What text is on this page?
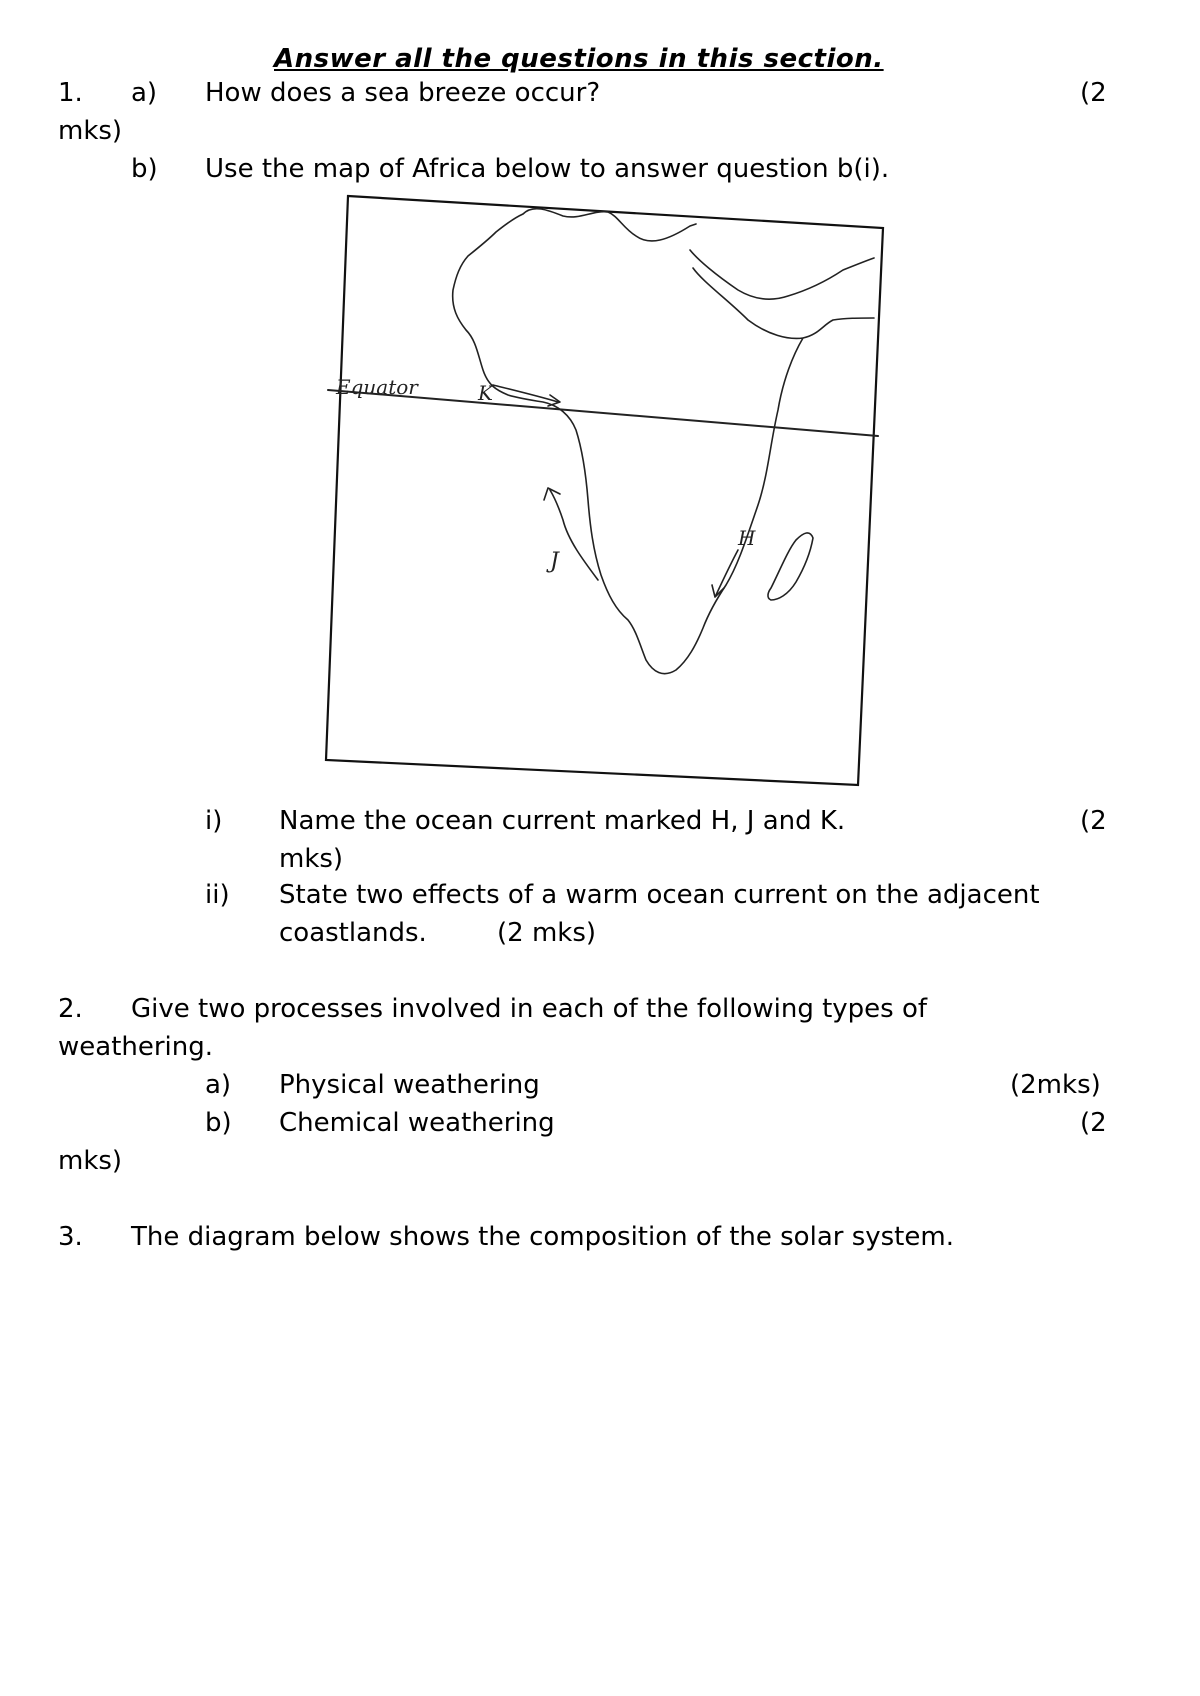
Answer all the questions in this section.
1. a) How does a sea breeze occur?	(2
mks)
b) Use the map of Africa below to answer question b(i).
Equator	K
J
H
i) Name the ocean current marked H, J and K.	(2
mks)
ii) State two effects of a warm ocean current on the adjacent
coastlands.	(2 mks)
2. Give two processes involved in each of the following types of
weathering.
a) Physical weathering	(2mks)
b) Chemical weathering	(2
mks)
3. The diagram below shows the composition of the solar system.
